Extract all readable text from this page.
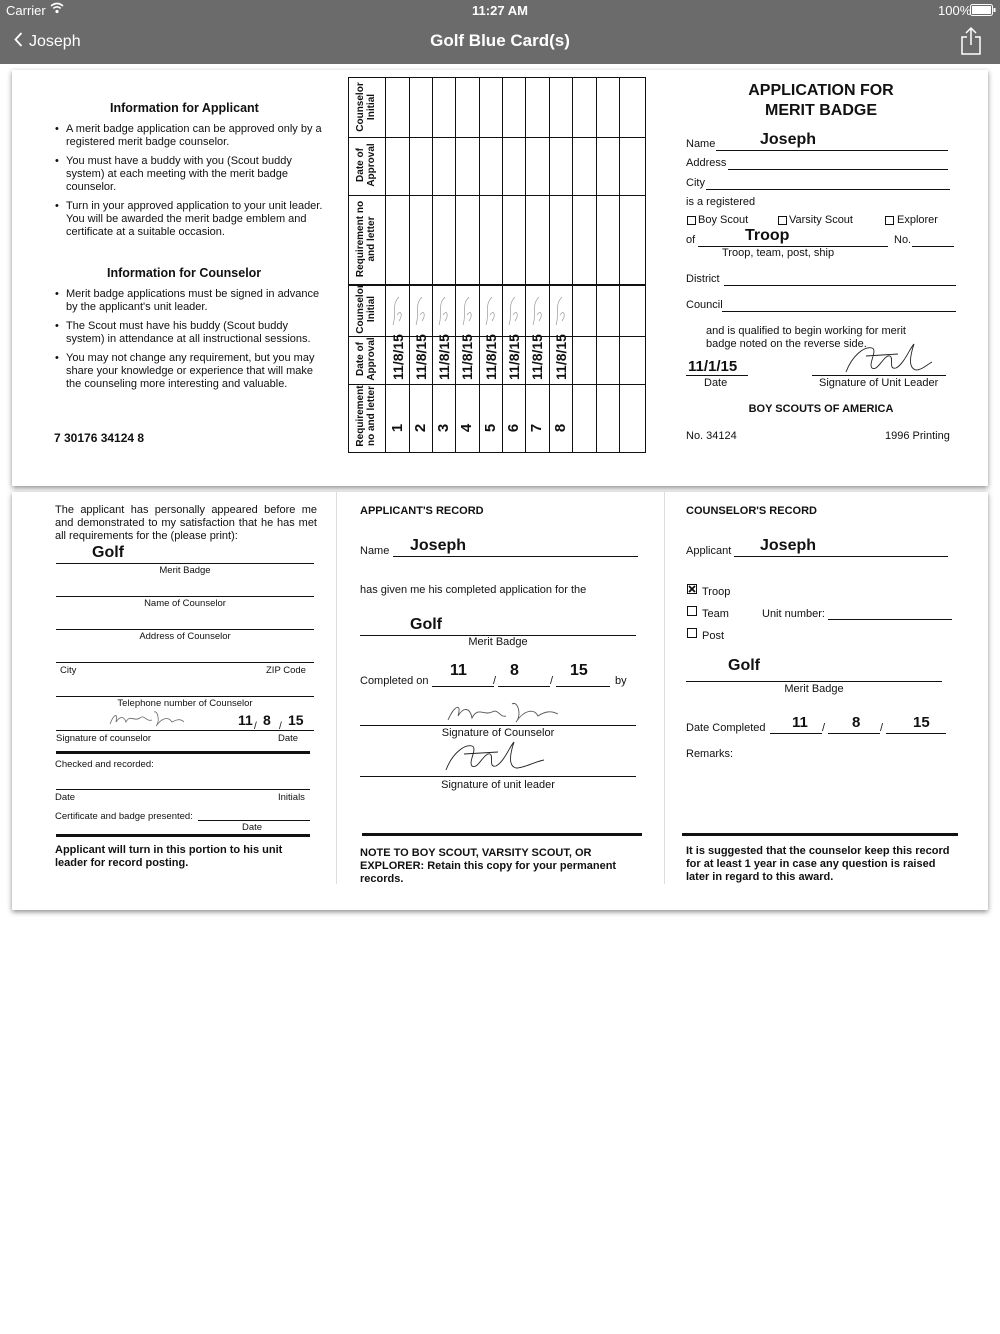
Carrier	11:27 AM	100%
Joseph	Golf Blue Card(s)
Information for Applicant
• A merit badge application can be approved only by a registered merit badge counselor.
• You must have a buddy with you (Scout buddy system) at each meeting with the merit badge counselor.
• Turn in your approved application to your unit leader. You will be awarded the merit badge emblem and certificate at a suitable occasion.
Information for Counselor
• Merit badge applications must be signed in advance by the applicant's unit leader.
• The Scout must have his buddy (Scout buddy system) in attendance at all instructional sessions.
• You may not change any requirement, but you may share your knowledge or experience that will make the counseling more interesting and valuable.
7 30176 34124 8
Counselor Initial
Date of Approval
Requirement no and letter
Counselor Initial
Date of Approval
Requirement no and letter
11/8/15 11/8/15 11/8/15 11/8/15 11/8/15 11/8/15 11/8/15 11/8/15
1 2 3 4 5 6 7 8
APPLICATION FOR
MERIT BADGE
Name	Joseph
Address
City
is a registered
Boy Scout	Varsity Scout	Explorer
of	Troop	No.
Troop, team, post, ship
District
Council
and is qualified to begin working for merit badge noted on the reverse side.
11/1/15
Date	Signature of Unit Leader
BOY SCOUTS OF AMERICA
No. 34124	1996 Printing
The applicant has personally appeared before me and demonstrated to my satisfaction that he has met all requirements for the (please print):
Golf
Merit Badge
Name of Counselor
Address of Counselor
City	ZIP Code
Telephone number of Counselor
11 / 8 / 15
Signature of counselor	Date
Checked and recorded:
Date	Initials
Certificate and badge presented:
Date
Applicant will turn in this portion to his unit leader for record posting.
APPLICANT'S RECORD
Name Joseph
has given me his completed application for the
Golf
Merit Badge
Completed on	/	/
11	8	15
by
Signature of Counselor
Signature of unit leader
NOTE TO BOY SCOUT, VARSITY SCOUT, OR EXPLORER: Retain this copy for your permanent records.
COUNSELOR'S RECORD
Applicant Joseph
Troop
Team	Unit number:
Post
Golf
Merit Badge
Date Completed	/	/
11	8	15
Remarks:
It is suggested that the counselor keep this record for at least 1 year in case any question is raised later in regard to this award.
